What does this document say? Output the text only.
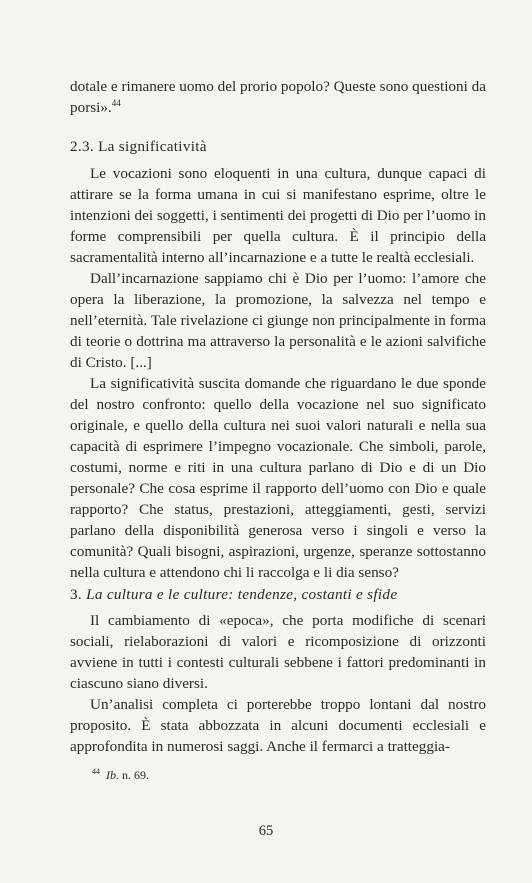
dotale e rimanere uomo del prorio popolo? Queste sono questioni da porsi».$^{44}$

2.3. La significatività

Le vocazioni sono eloquenti in una cultura, dunque capaci di attirare se la forma umana in cui si manifestano esprime, oltre le intenzioni dei soggetti, i sentimenti dei progetti di Dio per l’uomo in forme comprensibili per quella cultura. È il principio della sacramentalità interno all’incarnazione e a tutte le realtà ecclesiali.

Dall’incarnazione sappiamo chi è Dio per l’uomo: l’amore che opera la liberazione, la promozione, la salvezza nel tempo e nell’eternità. Tale rivelazione ci giunge non principalmente in forma di teorie o dottrina ma attraverso la personalità e le azioni salvifiche di Cristo. [...]

La significatività suscita domande che riguardano le due sponde del nostro confronto: quello della vocazione nel suo significato originale, e quello della cultura nei suoi valori naturali e nella sua capacità di esprimere l’impegno vocazionale. Che simboli, parole, costumi, norme e riti in una cultura parlano di Dio e di un Dio personale? Che cosa esprime il rapporto dell’uomo con Dio e quale rapporto? Che status, prestazioni, atteggiamenti, gesti, servizi parlano della disponibilità generosa verso i singoli e verso la comunità? Quali bisogni, aspirazioni, urgenze, speranze sottostanno nella cultura e attendono chi li raccolga e li dia senso?

3. La cultura e le culture: tendenze, costanti e sfide

Il cambiamento di «epoca», che porta modifiche di scenari sociali, rielaborazioni di valori e ricomposizione di orizzonti avviene in tutti i contesti culturali sebbene i fattori predominanti in ciascuno siano diversi.

Un’analisi completa ci porterebbe troppo lontani dal nostro proposito. È stata abbozzata in alcuni documenti ecclesiali e approfondita in numerosi saggi. Anche il fermarci a tratteggia-

$^{44}$ Ib. n. 69.
65
